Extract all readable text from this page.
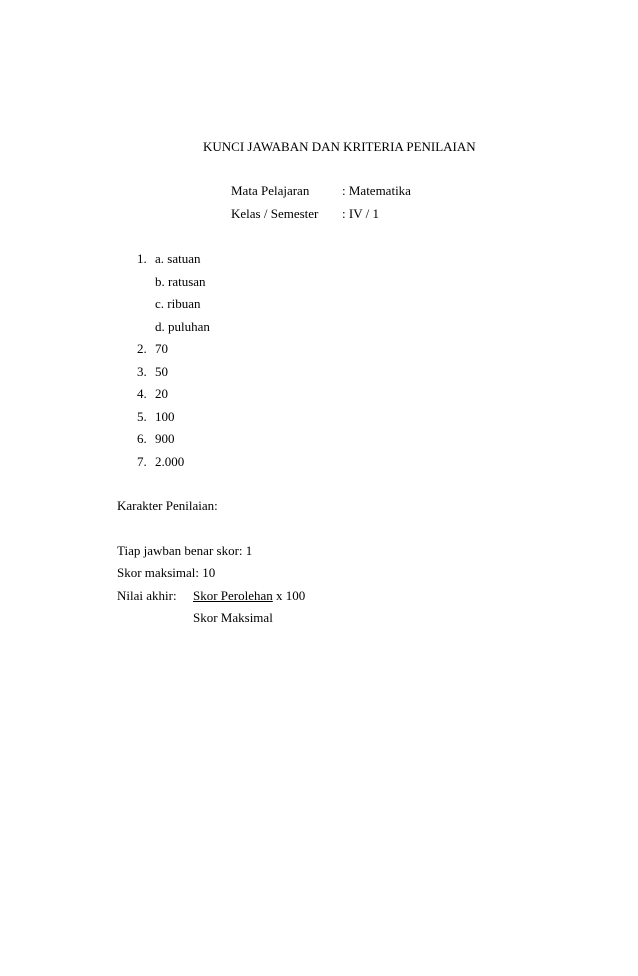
KUNCI JAWABAN DAN KRITERIA PENILAIAN
Mata Pelajaran	: Matematika
Kelas / Semester : IV / 1
1. a. satuan
b. ratusan
c. ribuan
d. puluhan
2. 70
3. 50
4. 20
5. 100
6. 900
7. 2.000
Karakter Penilaian:
Tiap jawban benar skor: 1
Skor maksimal: 10
Nilai akhir: Skor Perolehan x 100
Skor Maksimal
